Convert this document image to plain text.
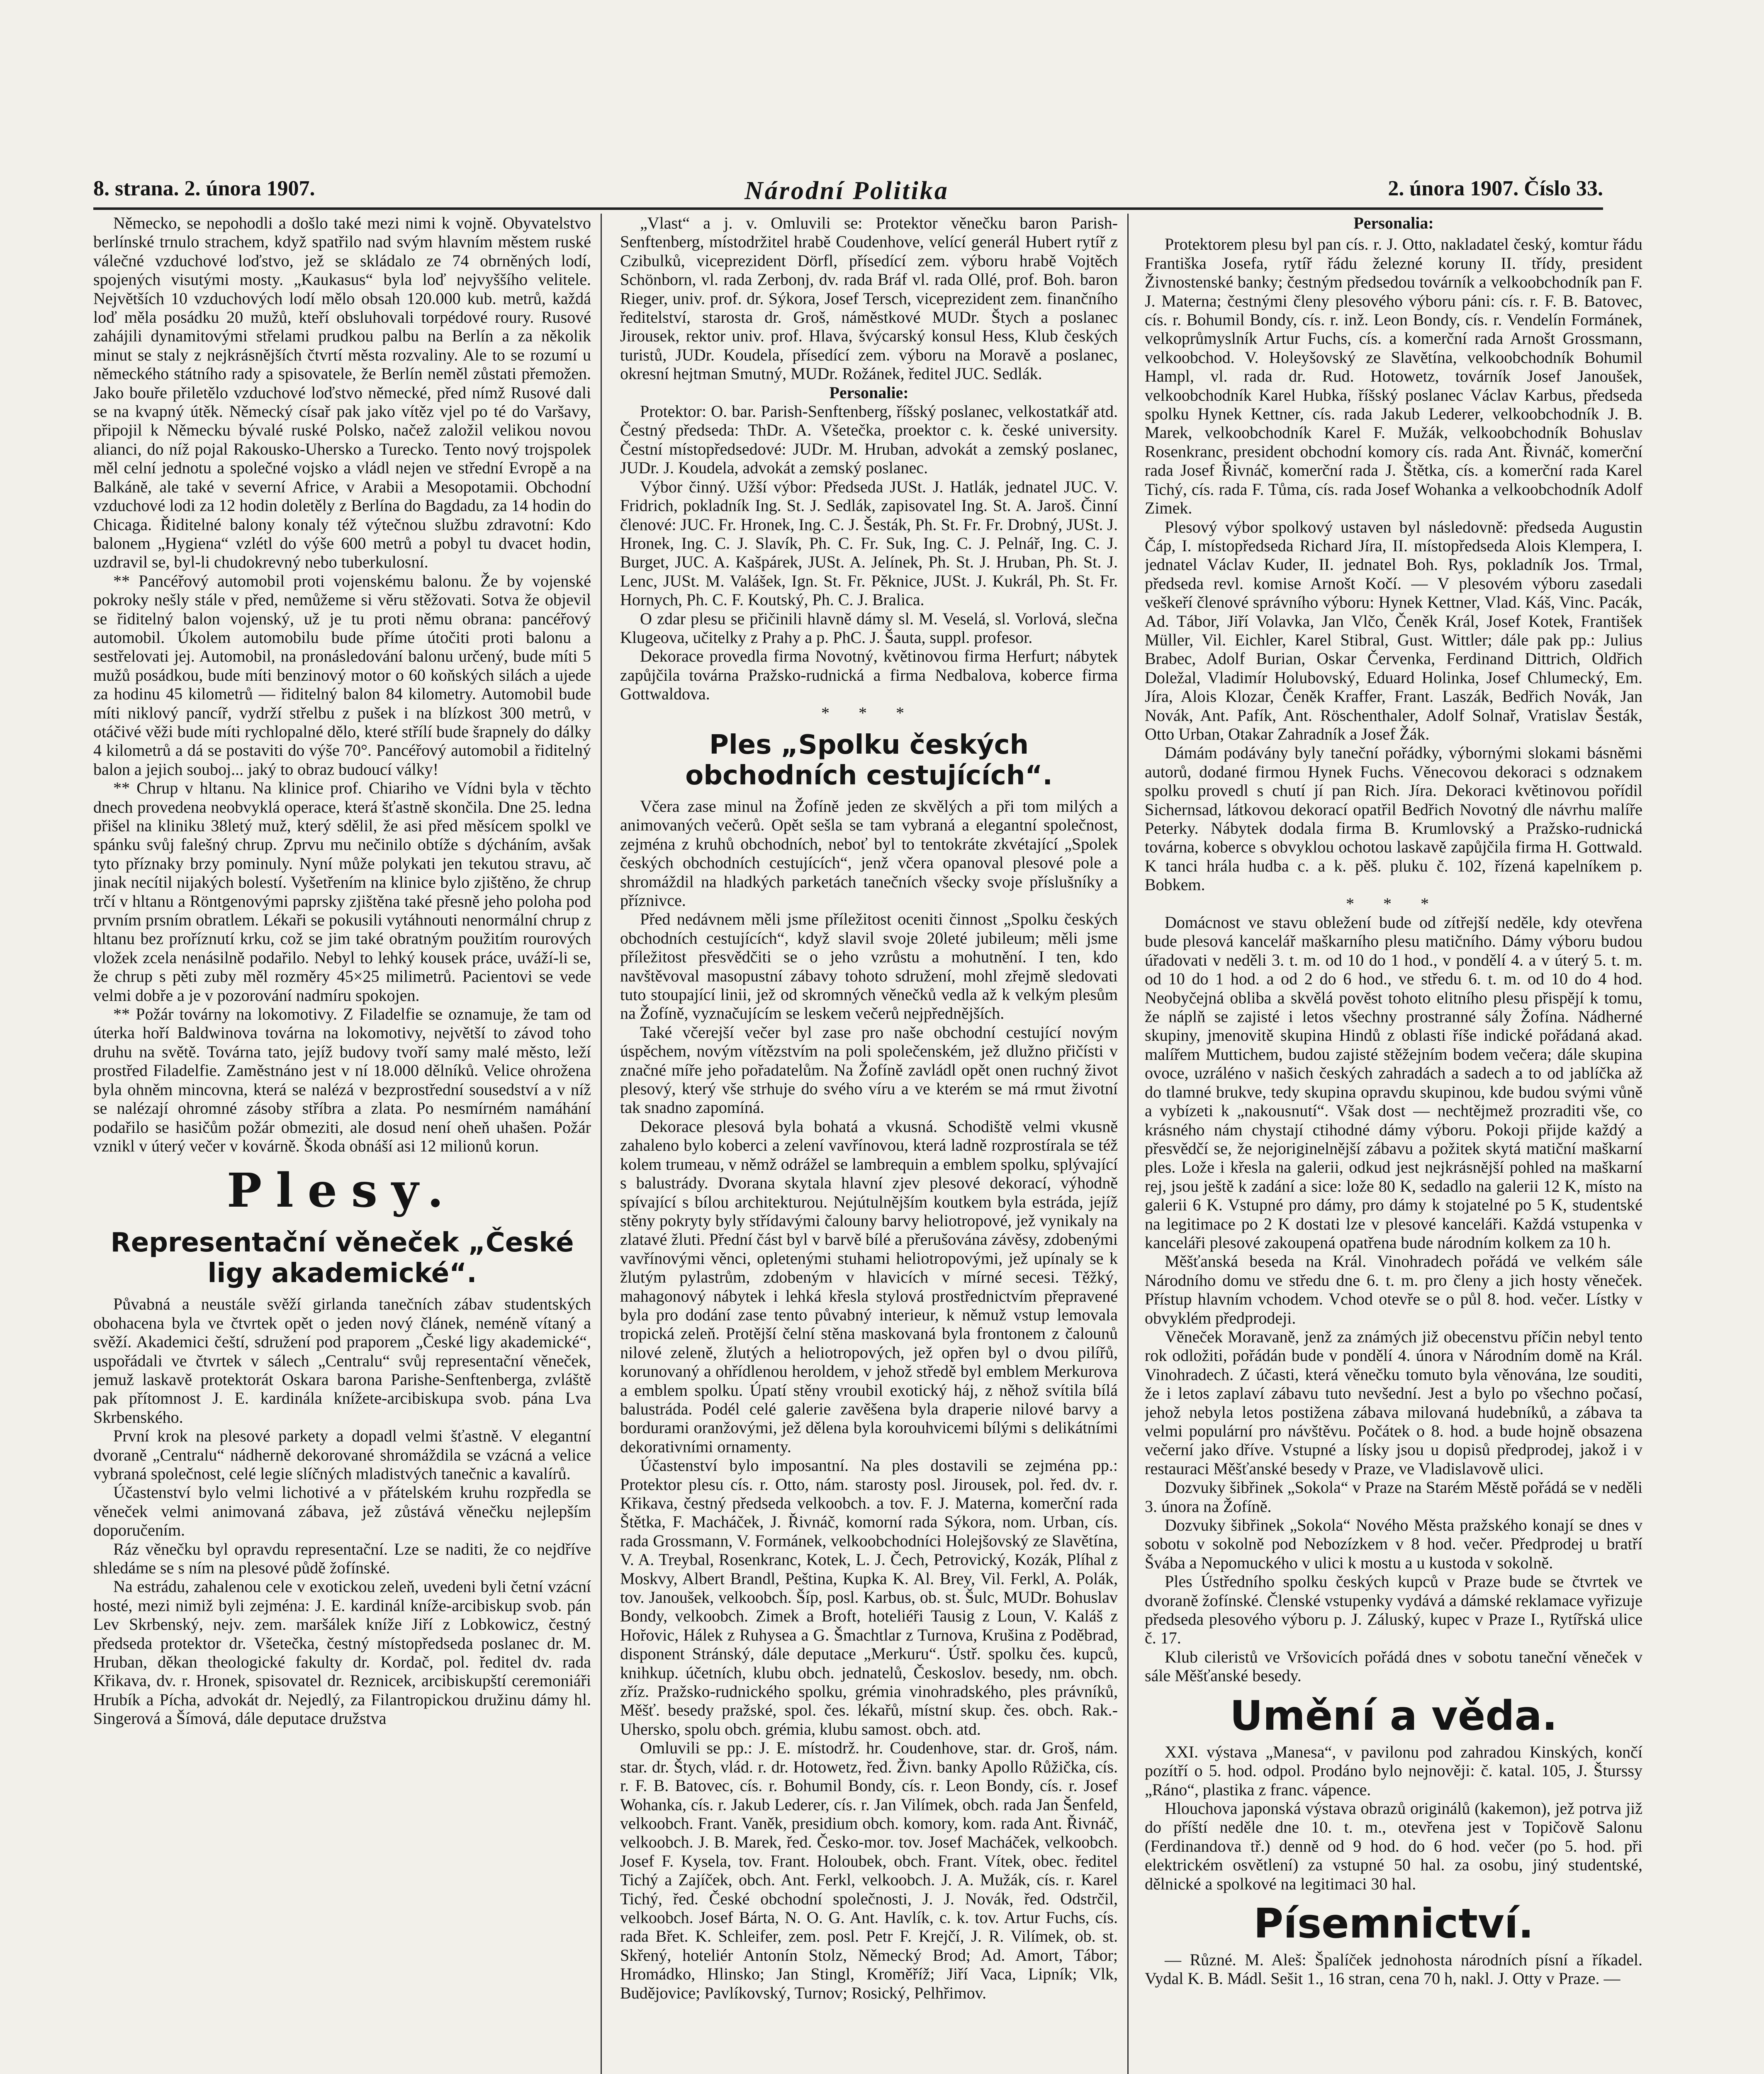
8. strana. 2. února 1907.	Národní Politika	2. února 1907. Číslo 33.

Německo, se nepohodli a došlo také mezi nimi k vojně. Obyvatelstvo berlínské trnulo strachem, když spatřilo nad svým hlavním městem ruské válečné vzduchové loďstvo, jež se skládalo ze 74 obrněných lodí, spojených visutými mosty. „Kaukasus“ byla loď nejvyššího velitele. Největších 10 vzduchových lodí mělo obsah 120.000 kub. metrů, každá loď měla posádku 20 mužů, kteří obsluhovali torpédové roury. Rusové zahájili dynamitovými střelami prudkou palbu na Berlín a za několik minut se staly z nejkrásnějších čtvrtí města rozvaliny. Ale to se rozumí u německého státního rady a spisovatele, že Berlín neměl zůstati přemožen. Jako bouře přiletělo vzduchové loďstvo německé, před nímž Rusové dali se na kvapný útěk. Německý císař pak jako vítěz vjel po té do Varšavy, připojil k Německu bývalé ruské Polsko, načež založil velikou novou alianci, do níž pojal Rakousko-Uhersko a Turecko. Tento nový trojspolek měl celní jednotu a společné vojsko a vládl nejen ve střední Evropě a na Balkáně, ale také v severní Africe, v Arabii a Mesopotamii. Obchodní vzduchové lodi za 12 hodin doletěly z Berlína do Bagdadu, za 14 hodin do Chicaga. Řiditelné balony konaly též výtečnou službu zdravotní: Kdo balonem „Hygiena“ vzlétl do výše 600 metrů a pobyl tu dvacet hodin, uzdravil se, byl-li chudokrevný nebo tuberkulosní.

** Pancéřový automobil proti vojenskému balonu. Že by vojenské pokroky nešly stále v před, nemůžeme si věru stěžovati. Sotva že objevil se řiditelný balon vojenský, už je tu proti němu obrana: pancéřový automobil. Úkolem automobilu bude příme útočiti proti balonu a sestřelovati jej. Automobil, na pronásledování balonu určený, bude míti 5 mužů posádkou, bude míti benzinový motor o 60 koňských silách a ujede za hodinu 45 kilometrů — řiditelný balon 84 kilometry. Automobil bude míti niklový pancíř, vydrží střelbu z pušek i na blízkost 300 metrů, v otáčivé věži bude míti rychlopalné dělo, které střílí bude šrapnely do dálky 4 kilometrů a dá se postaviti do výše 70°. Pancéřový automobil a řiditelný balon a jejich souboj... jaký to obraz budoucí války!

** Chrup v hltanu. Na klinice prof. Chiariho ve Vídni byla v těchto dnech provedena neobvyklá operace, která šťastně skončila. Dne 25. ledna přišel na kliniku 38letý muž, který sdělil, že asi před měsícem spolkl ve spánku svůj falešný chrup. Zprvu mu nečinilo obtíže s dýcháním, avšak tyto příznaky brzy pominuly. Nyní může polykati jen tekutou stravu, ač jinak necítil nijakých bolestí. Vyšetřením na klinice bylo zjištěno, že chrup trčí v hltanu a Röntgenovými paprsky zjištěna také přesně jeho poloha pod prvním prsním obratlem. Lékaři se pokusili vytáhnouti nenormální chrup z hltanu bez proříznutí krku, což se jim také obratným použitím rourových vložek zcela nenásilně podařilo. Nebyl to lehký kousek práce, uváží-li se, že chrup s pěti zuby měl rozměry 45×25 milimetrů. Pacientovi se vede velmi dobře a je v pozorování nadmíru spokojen.

** Požár továrny na lokomotivy. Z Filadelfie se oznamuje, že tam od úterka hoří Baldwinova továrna na lokomotivy, největší to závod toho druhu na světě. Továrna tato, jejíž budovy tvoří samy malé město, leží prostřed Filadelfie. Zaměstnáno jest v ní 18.000 dělníků. Velice ohrožena byla ohněm mincovna, která se nalézá v bezprostřední sousedství a v níž se nalézají ohromné zásoby stříbra a zlata. Po nesmírném namáhání podařilo se hasičům požár obmeziti, ale dosud není oheň uhašen. Požár vznikl v úterý večer v kovárně. Škoda obnáší asi 12 milionů korun.

Plesy.
Representační věneček „České ligy akademické“.

Půvabná a neustále svěží girlanda tanečních zábav studentských obohacena byla ve čtvrtek opět o jeden nový článek, neméně vítaný a svěží. Akademici čeští, sdružení pod praporem „České ligy akademické“, uspořádali ve čtvrtek v sálech „Centralu“ svůj representační věneček, jemuž laskavě protektorát Oskara barona Parishe-Senftenberga, zvláště pak přítomnost J. E. kardinála knížete-arcibiskupa svob. pána Lva Skrbenského.

První krok na plesové parkety a dopadl velmi šťastně. V elegantní dvoraně „Centralu“ nádherně dekorované shromáždila se vzácná a velice vybraná společnost, celé legie slíčných mladistvých tanečnic a kavalírů.

Účastenství bylo velmi lichotivé a v přátelském kruhu rozpředla se věneček velmi animovaná zábava, jež zůstává věnečku nejlepším doporučením.

Ráz věnečku byl opravdu representační. Lze se naditi, že co nejdříve shledáme se s ním na plesové půdě žofínské.

Na estrádu, zahalenou cele v exotickou zeleň, uvedeni byli četní vzácní hosté, mezi nimiž byli zejména: J. E. kardinál kníže-arcibiskup svob. pán Lev Skrbenský, nejv. zem. maršálek kníže Jiří z Lobkowicz, čestný předseda protektor dr. Všetečka, čestný místopředseda poslanec dr. M. Hruban, děkan theologické fakulty dr. Kordač, pol. ředitel dv. rada Křikava, dv. r. Hronek, spisovatel dr. Reznicek, arcibiskupští ceremoniáři Hrubík a Pícha, advokát dr. Nejedlý, za Filantropickou družinu dámy hl. Singerová a Šímová, dále deputace družstva

„Vlast“ a j. v. Omluvili se: Protektor věnečku baron Parish-Senftenberg, místodržitel hrabě Coudenhove, velící generál Hubert rytíř z Czibulků, viceprezident Dörfl, přísedící zem. výboru hrabě Vojtěch Schönborn, vl. rada Zerbonj, dv. rada Bráf vl. rada Ollé, prof. Boh. baron Rieger, univ. prof. dr. Sýkora, Josef Tersch, viceprezident zem. finančního ředitelství, starosta dr. Groš, náměstkové MUDr. Štych a poslanec Jirousek, rektor univ. prof. Hlava, švýcarský konsul Hess, Klub českých turistů, JUDr. Koudela, přísedící zem. výboru na Moravě a poslanec, okresní hejtman Smutný, MUDr. Rožánek, ředitel JUC. Sedlák.

Personalie:

Protektor: O. bar. Parish-Senftenberg, říšský poslanec, velkostatkář atd. Čestný předseda: ThDr. A. Všetečka, proektor c. k. české university. Čestní místopředsedové: JUDr. M. Hruban, advokát a zemský poslanec, JUDr. J. Koudela, advokát a zemský poslanec.

Výbor činný. Užší výbor: Předseda JUSt. J. Hatlák, jednatel JUC. V. Fridrich, pokladník Ing. St. J. Sedlák, zapisovatel Ing. St. A. Jaroš. Činní členové: JUC. Fr. Hronek, Ing. C. J. Šesták, Ph. St. Fr. Fr. Drobný, JUSt. J. Hronek, Ing. C. J. Slavík, Ph. C. Fr. Suk, Ing. C. J. Pelnář, Ing. C. J. Burget, JUC. A. Kašpárek, JUSt. A. Jelínek, Ph. St. J. Hruban, Ph. St. J. Lenc, JUSt. M. Valášek, Ign. St. Fr. Pěknice, JUSt. J. Kukrál, Ph. St. Fr. Hornych, Ph. C. F. Koutský, Ph. C. J. Bralica.

O zdar plesu se přičinili hlavně dámy sl. M. Veselá, sl. Vorlová, slečna Klugeova, učitelky z Prahy a p. PhC. J. Šauta, suppl. profesor.

Dekorace provedla firma Novotný, květinovou firma Herfurt; nábytek zapůjčila továrna Pražsko-rudnická a firma Nedbalova, koberce firma Gottwaldova.

* * *

Ples „Spolku českých obchodních cestujících“.

Včera zase minul na Žofíně jeden ze skvělých a při tom milých a animovaných večerů. Opět sešla se tam vybraná a elegantní společnost, zejména z kruhů obchodních, neboť byl to tentokráte zkvétající „Spolek českých obchodních cestujících“, jenž včera opanoval plesové pole a shromáždil na hladkých parketách tanečních všecky svoje příslušníky a příznivce.

Před nedávnem měli jsme příležitost oceniti činnost „Spolku českých obchodních cestujících“, když slavil svoje 20leté jubileum; měli jsme příležitost přesvědčiti se o jeho vzrůstu a mohutnění. I ten, kdo navštěvoval masopustní zábavy tohoto sdružení, mohl zřejmě sledovati tuto stoupající linii, jež od skromných věnečků vedla až k velkým plesům na Žofíně, vyznačujícím se leskem večerů nejpřednějších.

Také včerejší večer byl zase pro naše obchodní cestující novým úspěchem, novým vítězstvím na poli společenském, jež dlužno přičísti v značné míře jeho pořadatelům. Na Žofíně zavládl opět onen ruchný život plesový, který vše strhuje do svého víru a ve kterém se má rmut životní tak snadno zapomíná.

Dekorace plesová byla bohatá a vkusná. Schodiště velmi vkusně zahaleno bylo koberci a zelení vavřínovou, která ladně rozprostírala se též kolem trumeau, v němž odrážel se lambrequin a emblem spolku, splývající s balustrády. Dvorana skytala hlavní zjev plesové dekorací, výhodně spívající s bílou architekturou. Nejútulnějším koutkem byla estráda, jejíž stěny pokryty byly střídavými čalouny barvy heliotropové, jež vynikaly na zlatavé žluti. Přední část byl v barvě bílé a přerušována závěsy, zdobenými vavřínovými věnci, opletenými stuhami heliotropovými, jež upínaly se k žlutým pylastrům, zdobeným v hlavicích v mírné secesi. Těžký, mahagonový nábytek i lehká křesla stylová prostřednictvím přepravené byla pro dodání zase tento půvabný interieur, k němuž vstup lemovala tropická zeleň. Protější čelní stěna maskovaná byla frontonem z čalounů nilové zeleně, žlutých a heliotropových, jež opřen byl o dvou pilířů, korunovaný a ohřídlenou heroldem, v jehož středě byl emblem Merkurova a emblem spolku. Úpatí stěny vroubil exotický háj, z něhož svítila bílá balustráda. Podél celé galerie zavěšena byla draperie nilové barvy a bordurami oranžovými, jež dělena byla korouhvicemi bílými s delikátními dekorativními ornamenty.

Účastenství bylo imposantní. Na ples dostavili se zejména pp.: Protektor plesu cís. r. Otto, nám. starosty posl. Jirousek, pol. řed. dv. r. Křikava, čestný předseda velkoobch. a tov. F. J. Materna, komerční rada Štětka, F. Macháček, J. Řivnáč, komorní rada Sýkora, nom. Urban, cís. rada Grossmann, V. Formánek, velkoobchodníci Holejšovský ze Slavětína, V. A. Treybal, Rosenkranc, Kotek, L. J. Čech, Petrovický, Kozák, Plíhal z Moskvy, Albert Brandl, Peština, Kupka K. Al. Brey, Vil. Ferkl, A. Polák, tov. Janoušek, velkoobch. Šíp, posl. Karbus, ob. st. Šulc, MUDr. Bohuslav Bondy, velkoobch. Zimek a Broft, hoteliéři Tausig z Loun, V. Kaláš z Hořovic, Hálek z Ruhysea a G. Šmachtlar z Turnova, Krušina z Poděbrad, disponent Stránský, dále deputace „Merkuru“. Ústř. spolku čes. kupců, knihkup. účetních, klubu obch. jednatelů, Českoslov. besedy, nm. obch. zříz. Pražsko-rudnického spolku, grémia vinohradského, ples právníků, Měšť. besedy pražské, spol. čes. lékařů, místní skup. čes. obch. Rak.-Uhersko, spolu obch. grémia, klubu samost. obch. atd.

Omluvili se pp.: J. E. místodrž. hr. Coudenhove, star. dr. Groš, nám. star. dr. Štych, vlád. r. dr. Hotowetz, řed. Živn. banky Apollo Růžička, cís. r. F. B. Batovec, cís. r. Bohumil Bondy, cís. r. Leon Bondy, cís. r. Josef Wohanka, cís. r. Jakub Lederer, cís. r. Jan Vilímek, obch. rada Jan Šenfeld, velkoobch. Frant. Vaněk, presidium obch. komory, kom. rada Ant. Řivnáč, velkoobch. J. B. Marek, řed. Česko-mor. tov. Josef Macháček, velkoobch. Josef F. Kysela, tov. Frant. Holoubek, obch. Frant. Vítek, obec. ředitel Tichý a Zajíček, obch. Ant. Ferkl, velkoobch. J. A. Mužák, cís. r. Karel Tichý, řed. České obchodní společnosti, J. J. Novák, řed. Odstrčil, velkoobch. Josef Bárta, N. O. G. Ant. Havlík, c. k. tov. Artur Fuchs, cís. rada Břet. K. Schleifer, zem. posl. Petr F. Krejčí, J. R. Vilímek, ob. st. Skřený, hoteliér Antonín Stolz, Německý Brod; Ad. Amort, Tábor; Hromádko, Hlinsko; Jan Stingl, Kroměříž; Jiří Vaca, Lipník; Vlk, Budějovice; Pavlíkovský, Turnov; Rosický, Pelhřimov.

Personalia:

Protektorem plesu byl pan cís. r. J. Otto, nakladatel český, komtur řádu Františka Josefa, rytíř řádu železné koruny II. třídy, president Živnostenské banky; čestným předsedou továrník a velkoobchodník pan F. J. Materna; čestnými členy plesového výboru páni: cís. r. F. B. Batovec, cís. r. Bohumil Bondy, cís. r. inž. Leon Bondy, cís. r. Vendelín Formánek, velkoprůmyslník Artur Fuchs, cís. a komerční rada Arnošt Grossmann, velkoobchod. V. Holeyšovský ze Slavětína, velkoobchodník Bohumil Hampl, vl. rada dr. Rud. Hotowetz, továrník Josef Janoušek, velkoobchodník Karel Hubka, říšský poslanec Václav Karbus, předseda spolku Hynek Kettner, cís. rada Jakub Lederer, velkoobchodník J. B. Marek, velkoobchodník Karel F. Mužák, velkoobchodník Bohuslav Rosenkranc, president obchodní komory cís. rada Ant. Řivnáč, komerční rada Josef Řivnáč, komerční rada J. Štětka, cís. a komerční rada Karel Tichý, cís. rada F. Tůma, cís. rada Josef Wohanka a velkoobchodník Adolf Zimek.

Plesový výbor spolkový ustaven byl následovně: předseda Augustin Čáp, I. místopředseda Richard Jíra, II. místopředseda Alois Klempera, I. jednatel Václav Kuder, II. jednatel Boh. Rys, pokladník Jos. Trmal, předseda revl. komise Arnošt Kočí. — V plesovém výboru zasedali veškeří členové správního výboru: Hynek Kettner, Vlad. Káš, Vinc. Pacák, Ad. Tábor, Jiří Volavka, Jan Vlčo, Čeněk Král, Josef Kotek, František Müller, Vil. Eichler, Karel Stibral, Gust. Wittler; dále pak pp.: Julius Brabec, Adolf Burian, Oskar Červenka, Ferdinand Dittrich, Oldřich Doležal, Vladimír Holubovský, Eduard Holinka, Josef Chlumecký, Em. Jíra, Alois Klozar, Čeněk Kraffer, Frant. Laszák, Bedřich Novák, Jan Novák, Ant. Pafík, Ant. Röschenthaler, Adolf Solnař, Vratislav Šesták, Otto Urban, Otakar Zahradník a Josef Žák.

Dámám podávány byly taneční pořádky, výbornými slokami básněmi autorů, dodané firmou Hynek Fuchs. Věnecovou dekoraci s odznakem spolku provedl s chutí jí pan Rich. Jíra. Dekoraci květinovou pořídil Sichernsad, látkovou dekorací opatřil Bedřich Novotný dle návrhu malíře Peterky. Nábytek dodala firma B. Krumlovský a Pražsko-rudnická továrna, koberce s obvyklou ochotou laskavě zapůjčila firma H. Gottwald. K tanci hrála hudba c. a k. pěš. pluku č. 102, řízená kapelníkem p. Bobkem.

* * *

Domácnost ve stavu obležení bude od zítřejší neděle, kdy otevřena bude plesová kancelář maškarního plesu matičního. Dámy výboru budou úřadovati v neděli 3. t. m. od 10 do 1 hod., v pondělí 4. a v úterý 5. t. m. od 10 do 1 hod. a od 2 do 6 hod., ve středu 6. t. m. od 10 do 4 hod. Neobyčejná obliba a skvělá pověst tohoto elitního plesu přispějí k tomu, že náplň se zajisté i letos všechny prostranné sály Žofína. Nádherné skupiny, jmenovitě skupina Hindů z oblasti říše indické pořádaná akad. malířem Muttichem, budou zajisté stěžejním bodem večera; dále skupina ovoce, uzráléno v našich českých zahradách a sadech a to od jablíčka až do tlamné brukve, tedy skupina opravdu skupinou, kde budou svými vůně a vybízeti k „nakousnutí“. Však dost — nechtějmež prozraditi vše, co krásného nám chystají ctihodné dámy výboru. Pokoji přijde každý a přesvědčí se, že nejoriginelnější zábavu a požitek skytá matiční maškarní ples. Lože i křesla na galerii, odkud jest nejkrásnější pohled na maškarní rej, jsou ještě k zadání a sice: lože 80 K, sedadlo na galerii 12 K, místo na galerii 6 K. Vstupné pro dámy, pro dámy k stojatelné po 5 K, studentské na legitimace po 2 K dostati lze v plesové kanceláři. Každá vstupenka v kanceláři plesové zakoupená opatřena bude národním kolkem za 10 h.

Měšťanská beseda na Král. Vinohradech pořádá ve velkém sále Národního domu ve středu dne 6. t. m. pro členy a jich hosty věneček. Přístup hlavním vchodem. Vchod otevře se o půl 8. hod. večer. Lístky v obvyklém předprodeji.

Věneček Moravaně, jenž za známých již obecenstvu příčin nebyl tento rok odložiti, pořádán bude v pondělí 4. února v Národním domě na Král. Vinohradech. Z účasti, která věnečku tomuto byla věnována, lze souditi, že i letos zaplaví zábavu tuto nevšední. Jest a bylo po všechno počasí, jehož nebyla letos postižena zábava milovaná hudebníků, a zábava ta velmi populární pro návštěvu. Počátek o 8. hod. a bude hojně obsazena večerní jako dříve. Vstupné a lísky jsou u dopisů předprodej, jakož i v restauraci Měšťanské besedy v Praze, ve Vladislavově ulici.

Dozvuky šibřinek „Sokola“ v Praze na Starém Městě pořádá se v neděli 3. února na Žofíně.

Dozvuky šibřinek „Sokola“ Nového Města pražského konají se dnes v sobotu v sokolně pod Nebozízkem v 8 hod. večer. Předprodej u bratří Švába a Nepomuckého v ulici k mostu a u kustoda v sokolně.

Ples Ústředního spolku českých kupců v Praze bude se čtvrtek ve dvoraně žofínské. Členské vstupenky vydává a dámské reklamace vyřizuje předseda plesového výboru p. J. Záluský, kupec v Praze I., Rytířská ulice č. 17.

Klub cileristů ve Vršovicích pořádá dnes v sobotu taneční věneček v sále Měšťanské besedy.

Umění a věda.

XXI. výstava „Manesa“, v pavilonu pod zahradou Kinských, končí pozítří o 5. hod. odpol. Prodáno bylo nejnověji: č. katal. 105, J. Šturssy „Ráno“, plastika z franc. vápence.

Hlouchova japonská výstava obrazů originálů (kakemon), jež potrva již do příští neděle dne 10. t. m., otevřena jest v Topičově Salonu (Ferdinandova tř.) denně od 9 hod. do 6 hod. večer (po 5. hod. při elektrickém osvětlení) za vstupné 50 hal. za osobu, jiný studentské, dělnické a spolkové na legitimaci 30 hal.

Písemnictví.

— Různé. M. Aleš: Špalíček jednohosta národních písní a říkadel. Vydal K. B. Mádl. Sešit 1., 16 stran, cena 70 h, nakl. J. Otty v Praze. —
